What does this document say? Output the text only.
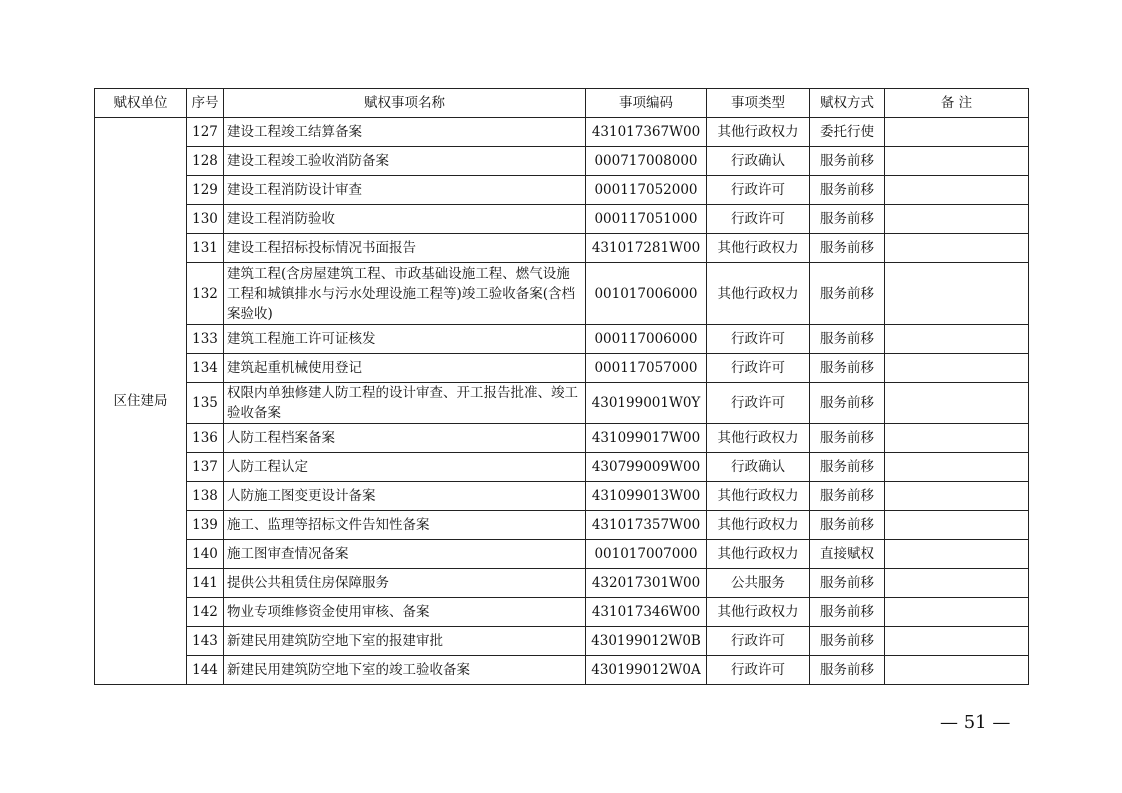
赋权单位	序号	赋权事项名称	事项编码	事项类型	赋权方式	备 注
区住建局	127	建设工程竣工结算备案	431017367W00	其他行政权力	委托行使	
	128	建设工程竣工验收消防备案	000717008000	行政确认	服务前移	
	129	建设工程消防设计审查	000117052000	行政许可	服务前移	
	130	建设工程消防验收	000117051000	行政许可	服务前移	
	131	建设工程招标投标情况书面报告	431017281W00	其他行政权力	服务前移	
	132	建筑工程(含房屋建筑工程、市政基础设施工程、燃气设施工程和城镇排水与污水处理设施工程等)竣工验收备案(含档案验收)	001017006000	其他行政权力	服务前移	
	133	建筑工程施工许可证核发	000117006000	行政许可	服务前移	
	134	建筑起重机械使用登记	000117057000	行政许可	服务前移	
	135	权限内单独修建人防工程的设计审查、开工报告批准、竣工验收备案	430199001W0Y	行政许可	服务前移	
	136	人防工程档案备案	431099017W00	其他行政权力	服务前移	
	137	人防工程认定	430799009W00	行政确认	服务前移	
	138	人防施工图变更设计备案	431099013W00	其他行政权力	服务前移	
	139	施工、监理等招标文件告知性备案	431017357W00	其他行政权力	服务前移	
	140	施工图审查情况备案	001017007000	其他行政权力	直接赋权	
	141	提供公共租赁住房保障服务	432017301W00	公共服务	服务前移	
	142	物业专项维修资金使用审核、备案	431017346W00	其他行政权力	服务前移	
	143	新建民用建筑防空地下室的报建审批	430199012W0B	行政许可	服务前移	
	144	新建民用建筑防空地下室的竣工验收备案	430199012W0A	行政许可	服务前移	
— 51 —
